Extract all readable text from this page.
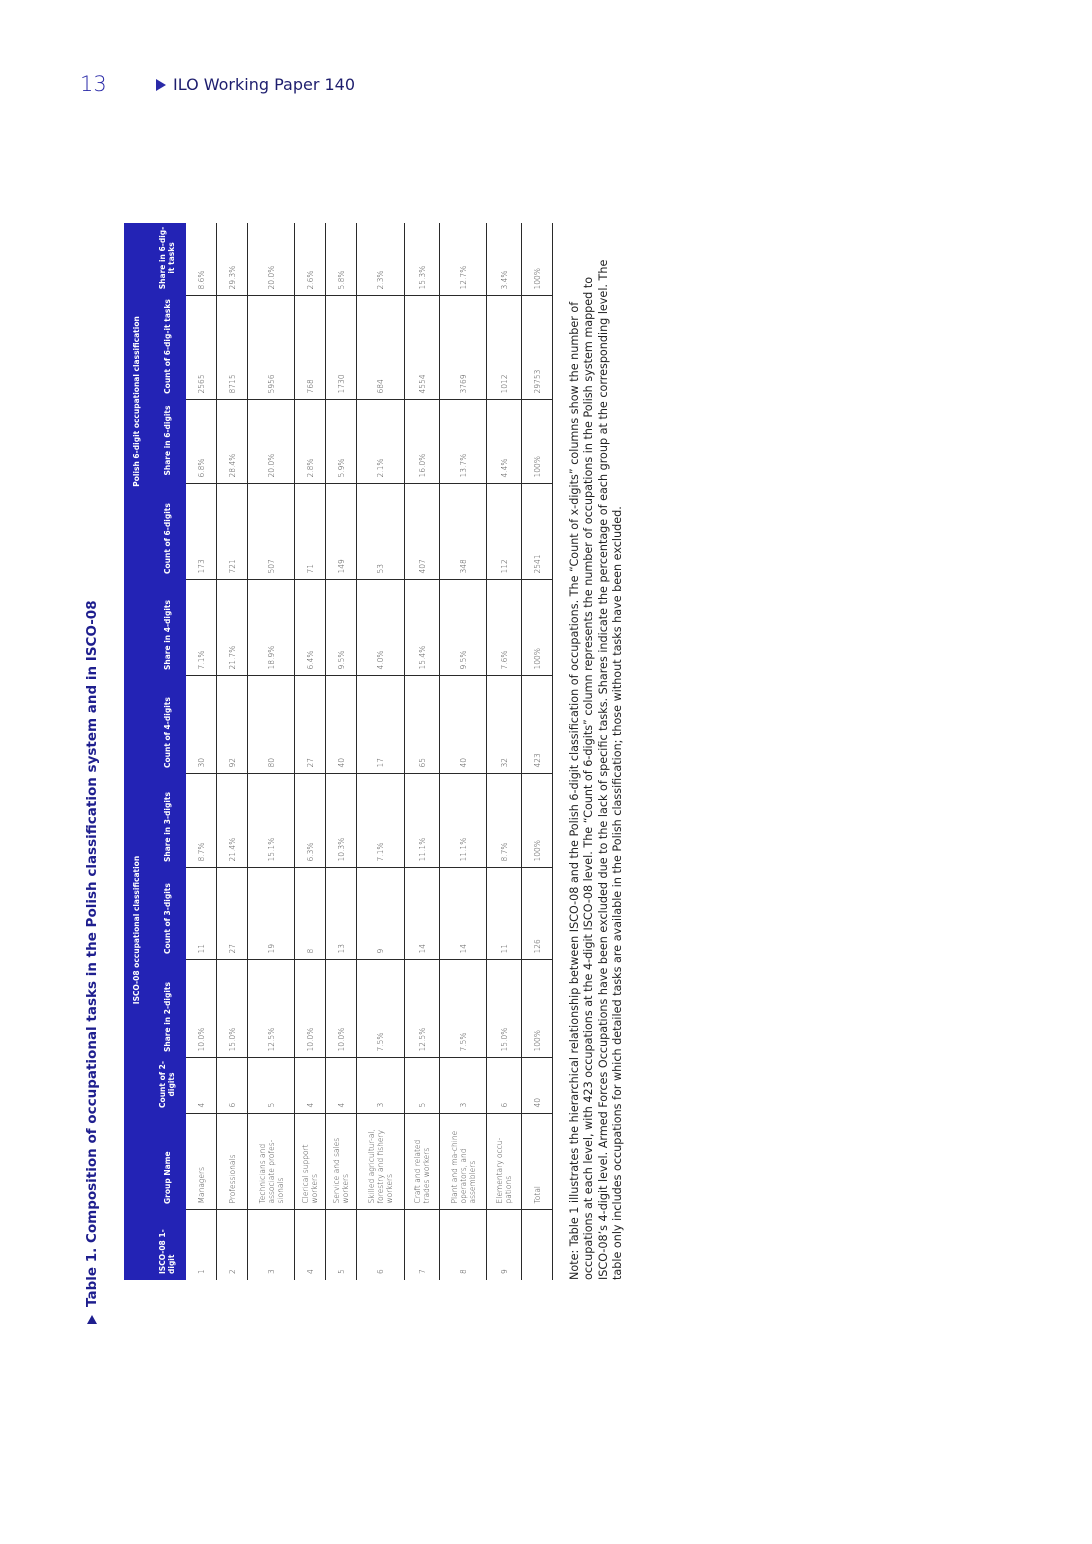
13	ILO Working Paper 140
Table 1. Composition of occupational tasks in the Polish classification system and in ISCO-08	ISCO-08 occupational classification								Polish 6-digit occupational classification			
ISCO-08 1-digit	Group Name	Count of 2-digits	Share in 2-digits	Count of 3-digits	Share in 3-digits	Count of 4-digits	Share in 4-digits	Count of 6-digits	Share in 6-digits	Count of 6-dig-it tasks	Share in 6-dig-it tasks
1	Managers	4	10.0%	11	8.7%	30	7.1%	173	6.8%	2565	8.6%
2	Professionals	6	15.0%	27	21.4%	92	21.7%	721	28.4%	8715	29.3%
3	Technicians and associate profes-sionals	5	12.5%	19	15.1%	80	18.9%	507	20.0%	5956	20.0%
4	Clerical support workers	4	10.0%	8	6.3%	27	6.4%	71	2.8%	768	2.6%
5	Service and sales workers	4	10.0%	13	10.3%	40	9.5%	149	5.9%	1730	5.8%
6	Skilled agricultur-al, forestry and fishery workers	3	7.5%	9	7.1%	17	4.0%	53	2.1%	684	2.3%
7	Craft and related trades workers	5	12.5%	14	11.1%	65	15.4%	407	16.0%	4554	15.3%
8	Plant and ma-chine operators, and assemblers	3	7.5%	14	11.1%	40	9.5%	348	13.7%	3769	12.7%
9	Elementary occu-pations	6	15.0%	11	8.7%	32	7.6%	112	4.4%	1012	3.4%
	Total	40	100%	126	100%	423	100%	2541	100%	29753	100%
Note: Table 1 illustrates the hierarchical relationship between ISCO-08 and the Polish 6-digit classification of occupations. The “Count of x-digits” columns show the number of occupations at each level, with 423 occupations at the 4-digit ISCO-08 level. The “Count of 6-digits” column represents the number of occupations in the Polish system mapped to ISCO-08’s 4-digit level. Armed Forces Occupations have been excluded due to the lack of specific tasks. Shares indicate the percentage of each group at the corresponding level. The table only includes occupations for which detailed tasks are available in the Polish classification; those without tasks have been excluded.
